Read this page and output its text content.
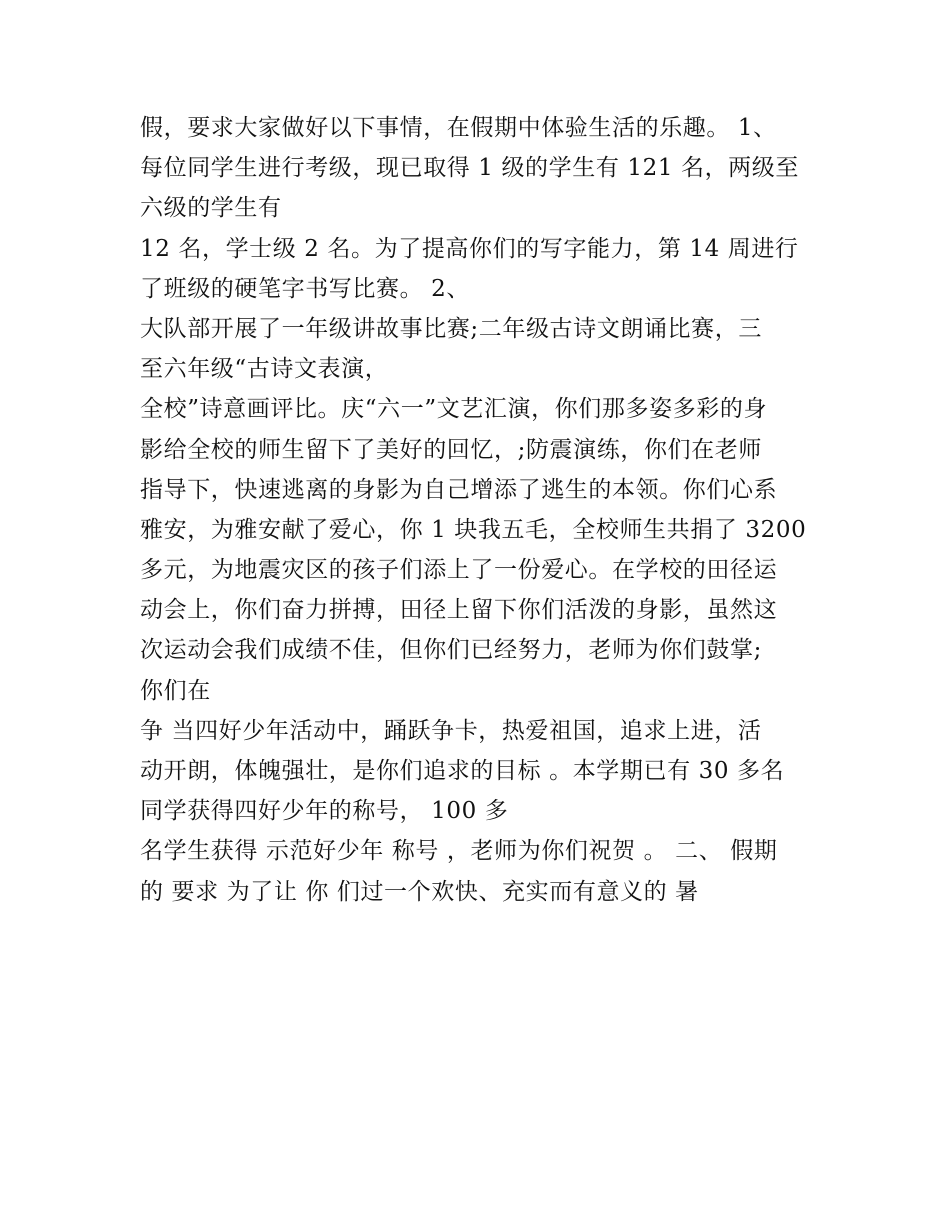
假，要求大家做好以下事情，在假期中体验生活的乐趣。 1、
每位同学生进行考级，现已取得 1 级的学生有 121 名，两级至
六级的学生有
12 名，学士级 2 名。为了提高你们的写字能力，第 14 周进行
了班级的硬笔字书写比赛。 2、
大队部开展了一年级讲故事比赛;二年级古诗文朗诵比赛，三
至六年级“古诗文表演，
全校”诗意画评比。庆“六一”文艺汇演，你们那多姿多彩的身
影给全校的师生留下了美好的回忆，;防震演练，你们在老师
指导下，快速逃离的身影为自己增添了逃生的本领。你们心系
雅安，为雅安献了爱心，你 1 块我五毛，全校师生共捐了 3200
多元，为地震灾区的孩子们添上了一份爱心。在学校的田径运
动会上，你们奋力拼搏，田径上留下你们活泼的身影，虽然这
次运动会我们成绩不佳，但你们已经努力，老师为你们鼓掌;
你们在
争 当四好少年活动中，踊跃争卡，热爱祖国，追求上进，活
动开朗，体魄强壮，是你们追求的目标 。本学期已有 30 多名
同学获得四好少年的称号， 100 多
名学生获得 示范好少年 称号 ，老师为你们祝贺 。 二、 假期
的 要求 为了让 你 们过一个欢快、充实而有意义的 暑
